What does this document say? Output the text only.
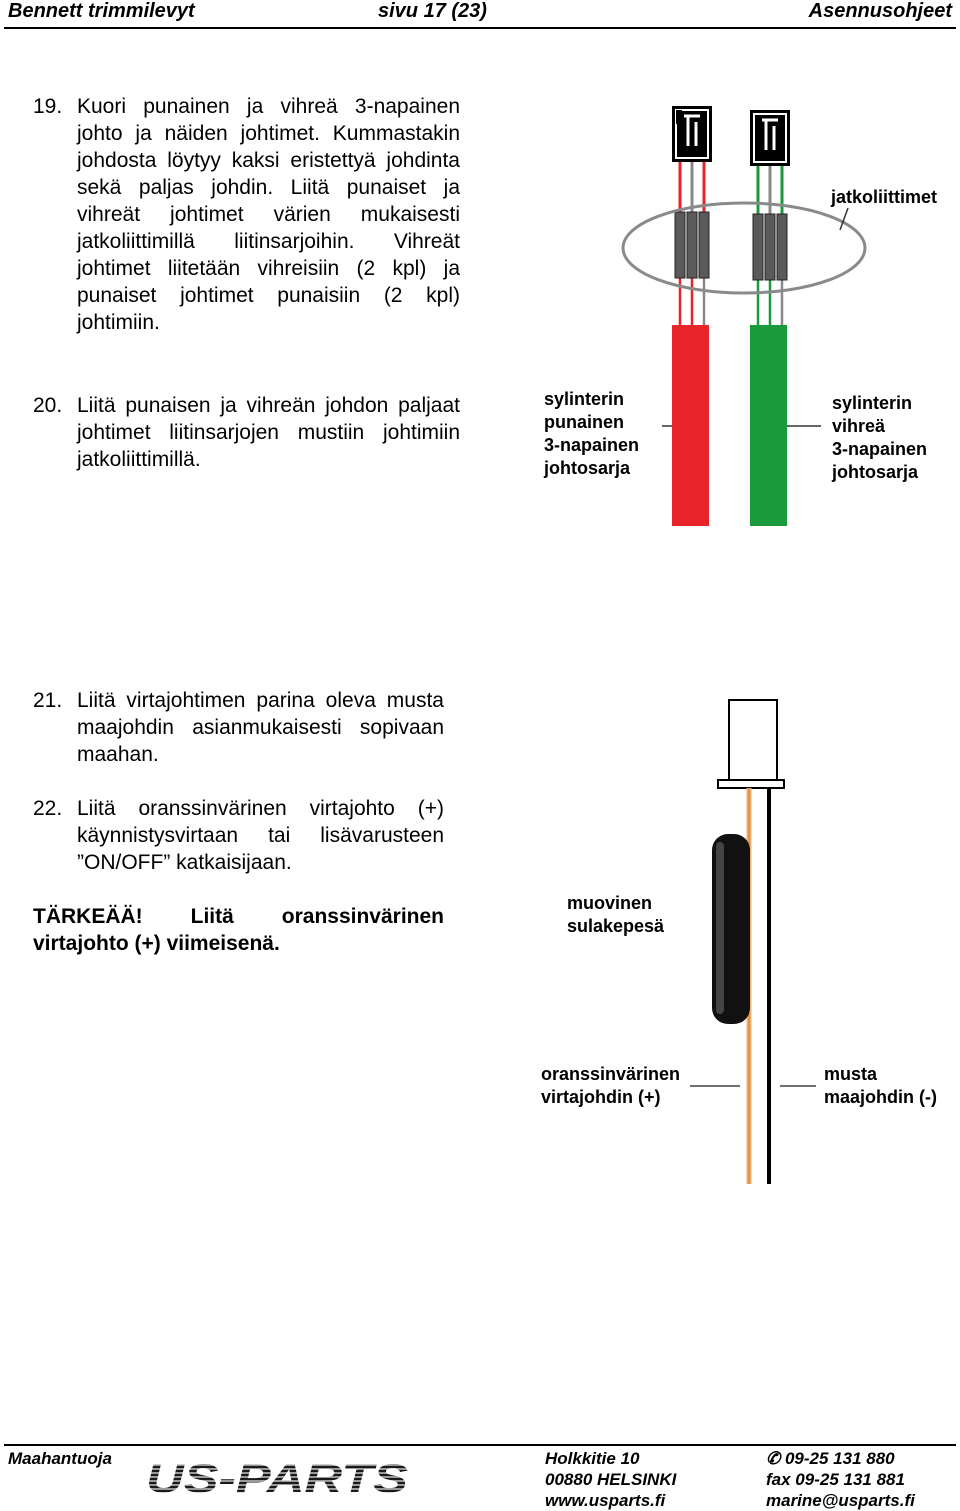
Bennett trimmilevyt	sivu 17 (23)	Asennusohjeet
19. Kuori punainen ja vihreä 3-napainen johto ja näiden johtimet. Kummastakin johdosta löytyy kaksi eristettyä johdinta sekä paljas johdin. Liitä punaiset ja vihreät johtimet värien mukaisesti jatkoliittimillä liitinsarjoihin. Vihreät johtimet liitetään vihreisiin (2 kpl) ja punaiset johtimet punaisiin (2 kpl) johtimiin.
20. Liitä punaisen ja vihreän johdon paljaat johtimet liitinsarjojen mustiin johtimiin jatkoliittimillä.
21. Liitä virtajohtimen parina oleva musta maajohdin asianmukaisesti sopivaan maahan.
22. Liitä oranssinvärinen virtajohto (+) käynnistysvirtaan tai lisävarusteen ”ON/OFF” katkaisijaan.
TÄRKEÄÄ! Liitä oranssinvärinen virtajohto (+) viimeisenä.
jatkoliittimet
sylinterin
punainen
3-napainen
johtosarja
sylinterin
vihreä
3-napainen
johtosarja
muovinen
sulakepesä
oranssinvärinen
virtajohdin (+)
musta
maajohdin (-)
Maahantuoja US-PARTS	Holkkitie 10
00880 HELSINKI
www.usparts.fi
✆ 09-25 131 880
fax 09-25 131 881
marine@usparts.fi
